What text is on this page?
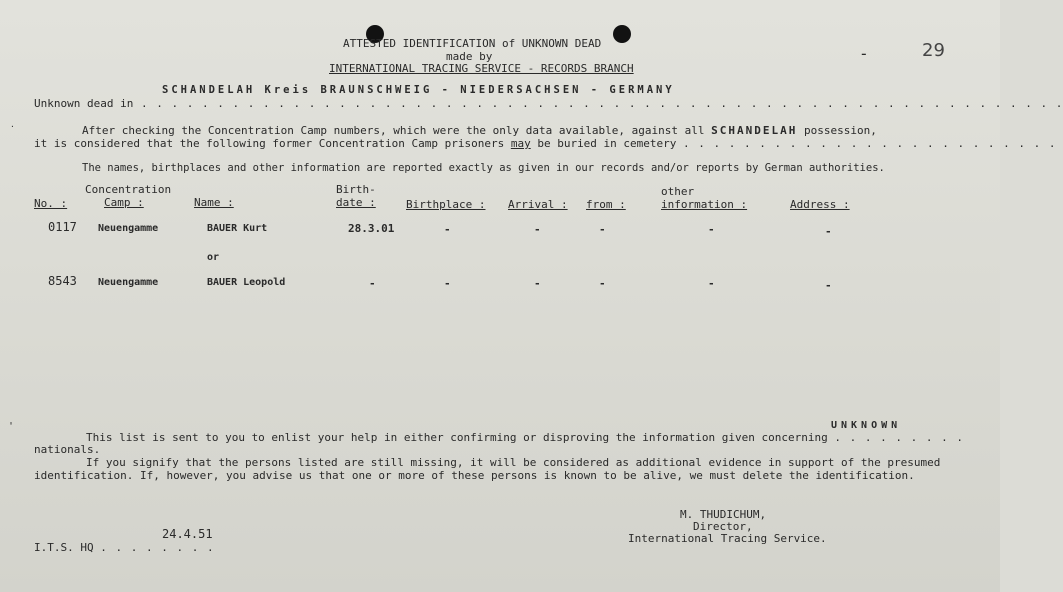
ATTESTED IDENTIFICATION of UNKNOWN DEAD
made by
INTERNATIONAL TRACING SERVICE - RECORDS BRANCH
-	29
SCHANDELAH Kreis BRAUNSCHWEIG - NIEDERSACHSEN - GERMANY
Unknown dead in . . . . . . . . . . . . . . . . . . . . . . . . . . . . . . . . . . . . . . . . . . . . . . . . . . . . . . . . . . . . .
After checking the Concentration Camp numbers, which were the only data available, against all SCHANDELAH possession,
it is considered that the following former Concentration Camp prisoners may be buried in cemetery . . . . . . . . . . . . . . . . . . . . . . . . .
The names, birthplaces and other information are reported exactly as given in our records and/or reports by German authorities.
Concentration	Birth-	other
No. :	Camp :	Name :	date :	Birthplace : Arrival : from :	information :	Address :
0117 Neuengamme	BAUER Kurt	28.3.01	-	-	-	-	-
or
8543 Neuengamme	BAUER Leopold	-	-	-	-	-	-
UNKNOWN
This list is sent to you to enlist your help in either confirming or disproving the information given concerning . . . . . . . . .
nationals.
If you signify that the persons listed are still missing, it will be considered as additional evidence in support of the presumed
identification. If, however, you advise us that one or more of these persons is known to be alive, we must delete the identification.
24.4.51
I.T.S. HQ . . . . . . . .
M. THUDICHUM,
Director,
International Tracing Service.
'
.
